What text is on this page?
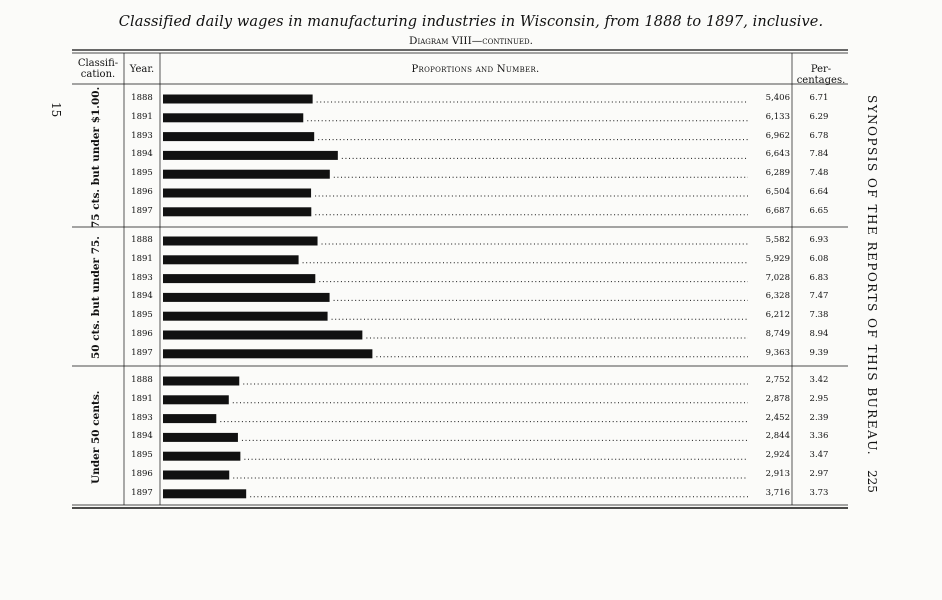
Classified daily wages in manufacturing industries in Wisconsin, from 1888 to 1897, inclusive.
Diagram VIII—continued.
Classifi-cation.	Year.	Proportions and Number.	Per-centages.
75 cts. but under $1.00.	1888	5,406	6.71
1891	6,133	6.29
1893	6,962	6.78
1894	6,643	7.84
1895	6,289	7.48
1896	6,504	6.64
1897	6,687	6.65
50 cts. but under 75.	1888	5,582	6.93
1891	5,929	6.08
1893	7,028	6.83
1894	6,328	7.47
1895	6,212	7.38
1896	8,749	8.94
1897	9,363	9.39
Under 50 cents.
1888	2,752	3.42
1891	2,878	2.95
1893	2,452	2.39
1894	2,844	3.36
1895	2,924	3.47
1896	2,913	2.97
1897	3,716	3.73
SYNOPSIS OF THE REPORTS OF THIS BUREAU.
225
15
